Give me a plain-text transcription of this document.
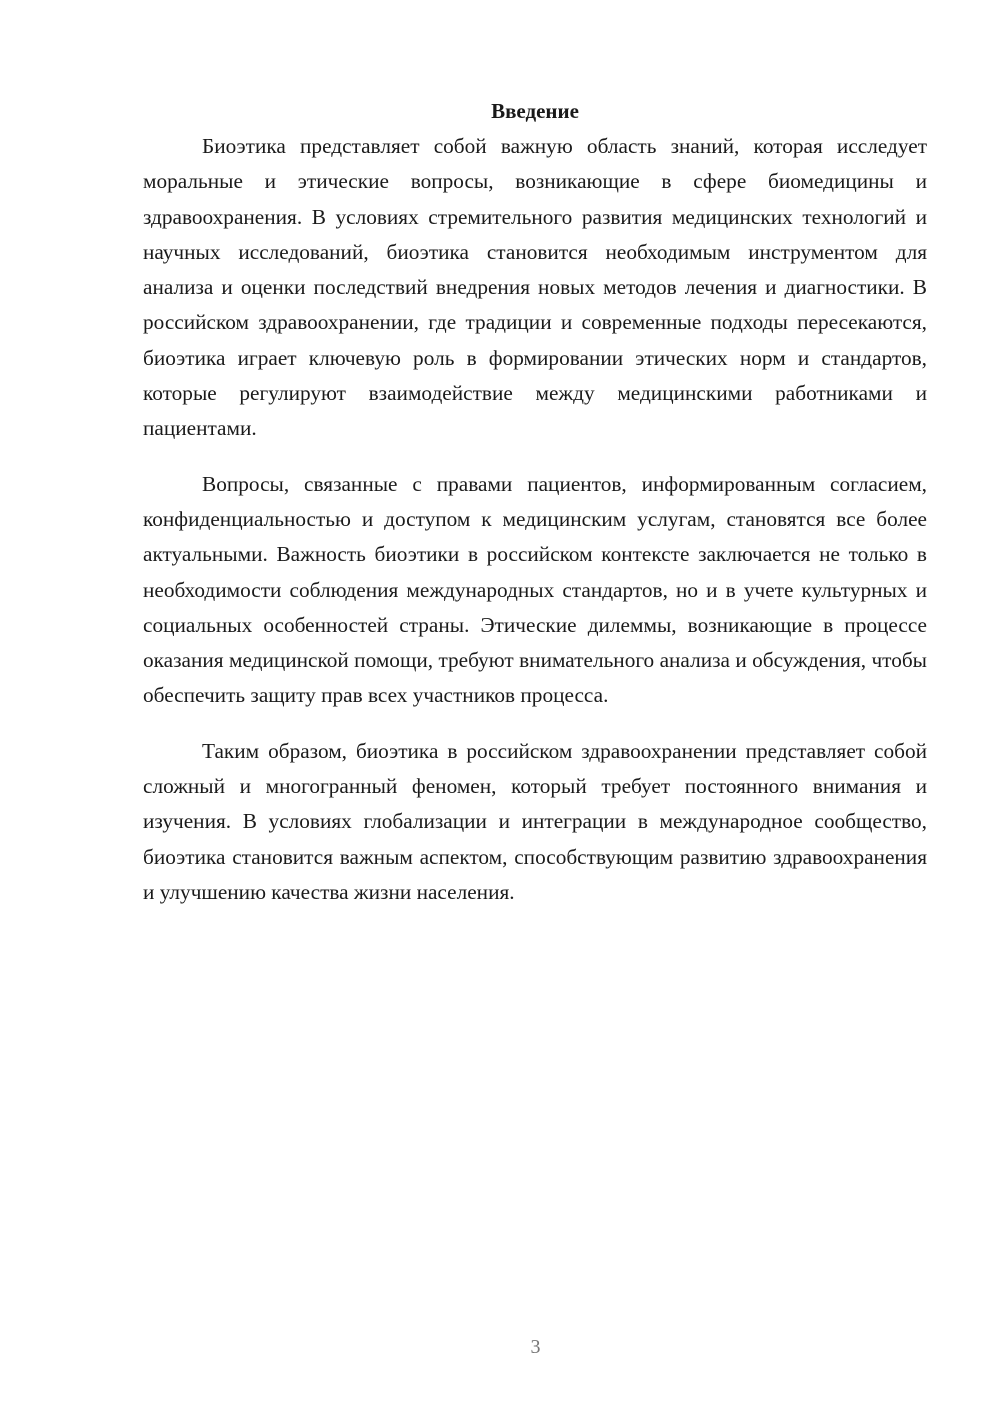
Введение

Биоэтика представляет собой важную область знаний, которая исследует моральные и этические вопросы, возникающие в сфере биомедицины и здравоохранения. В условиях стремительного развития медицинских технологий и научных исследований, биоэтика становится необходимым инструментом для анализа и оценки последствий внедрения новых методов лечения и диагностики. В российском здравоохранении, где традиции и современные подходы пересекаются, биоэтика играет ключевую роль в формировании этических норм и стандартов, которые регулируют взаимодействие между медицинскими работниками и пациентами.

Вопросы, связанные с правами пациентов, информированным согласием, конфиденциальностью и доступом к медицинским услугам, становятся все более актуальными. Важность биоэтики в российском контексте заключается не только в необходимости соблюдения международных стандартов, но и в учете культурных и социальных особенностей страны. Этические дилеммы, возникающие в процессе оказания медицинской помощи, требуют внимательного анализа и обсуждения, чтобы обеспечить защиту прав всех участников процесса.

Таким образом, биоэтика в российском здравоохранении представляет собой сложный и многогранный феномен, который требует постоянного внимания и изучения. В условиях глобализации и интеграции в международное сообщество, биоэтика становится важным аспектом, способствующим развитию здравоохранения и улучшению качества жизни населения.

3
